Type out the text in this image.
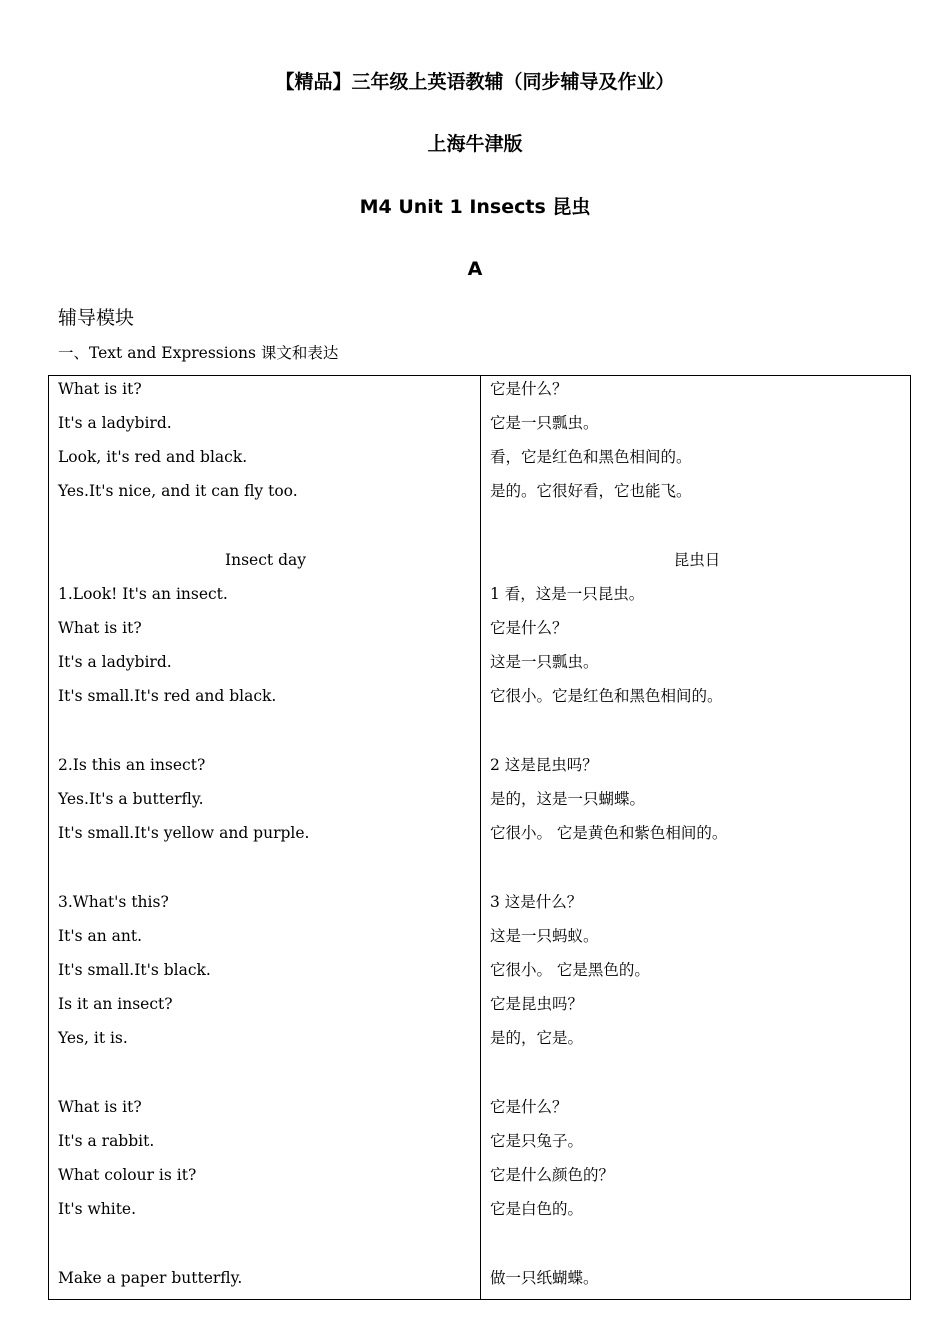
【精品】三年级上英语教辅（同步辅导及作业）
上海牛津版
M4 Unit 1 Insects 昆虫
A
辅导模块
一、Text and Expressions 课文和表达
What is it?
It's a ladybird.
Look, it's red and black.
Yes.It's nice, and it can fly too.
Insect day
1.Look! It's an insect.
What is it?
It's a ladybird.
It's small.It's red and black.
2.Is this an insect?
Yes.It's a butterfly.
It's small.It's yellow and purple.
3.What's this?
It's an ant.
It's small.It's black.
Is it an insect?
Yes, it is.
What is it?
It's a rabbit.
What colour is it?
It's white.
Make a paper butterfly.
它是什么？
它是一只瓢虫。
看，它是红色和黑色相间的。
是的。它很好看，它也能飞。
昆虫日
1 看，这是一只昆虫。
它是什么？
这是一只瓢虫。
它很小。它是红色和黑色相间的。
2 这是昆虫吗？
是的，这是一只蝴蝶。
它很小。 它是黄色和紫色相间的。
3 这是什么？
这是一只蚂蚁。
它很小。 它是黑色的。
它是昆虫吗？
是的，它是。
它是什么？
它是只兔子。
它是什么颜色的？
它是白色的。
做一只纸蝴蝶。
